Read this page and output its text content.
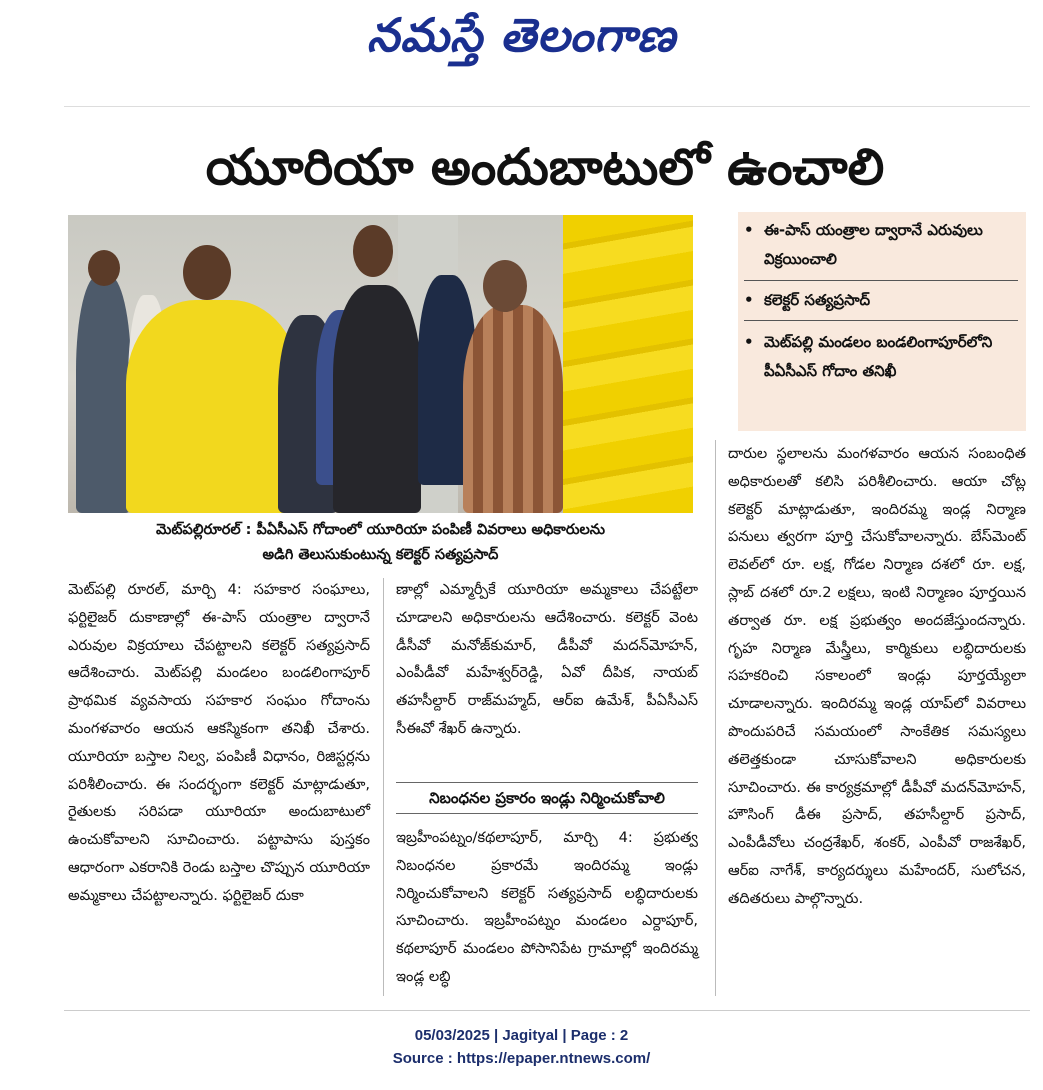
నమస్తే తెలంగాణ
యూరియా అందుబాటులో ఉంచాలి
మెట్‌పల్లిరూరల్ : పీఏసీఎస్ గోదాంలో యూరియా పంపిణీ వివరాలు అధికారులను
అడిగి తెలుసుకుంటున్న కలెక్టర్ సత్యప్రసాద్
• ఈ-పాస్ యంత్రాల ద్వారానే ఎరువులు విక్రయించాలి
• కలెక్టర్ సత్యప్రసాద్
• మెట్‌పల్లి మండలం బండలింగాపూర్‌లోని పీఏసీఎస్ గోదాం తనిఖీ

మెట్‌పల్లి రూరల్, మార్చి 4: సహకార సంఘాలు, ఫర్టిలైజర్ దుకాణాల్లో ఈ-పాస్ యంత్రాల ద్వారానే ఎరువుల విక్రయాలు చేపట్టాలని కలెక్టర్ సత్యప్రసాద్ ఆదేశించారు. మెట్‌పల్లి మండలం బండలింగాపూర్ ప్రాథమిక వ్యవసాయ సహకార సంఘం గోదాంను మంగళవారం ఆయన ఆకస్మికంగా తనిఖీ చేశారు. యూరియా బస్తాల నిల్వ, పంపిణీ విధానం, రిజిస్టర్లను పరిశీలించారు. ఈ సందర్భంగా కలెక్టర్ మాట్లాడుతూ, రైతులకు సరిపడా యూరియా అందుబాటులో ఉంచుకోవాలని సూచించారు. పట్టాపాసు పుస్తకం ఆధారంగా ఎకరానికి రెండు బస్తాల చొప్పున యూరియా అమ్మకాలు చేపట్టాలన్నారు. ఫర్టిలైజర్ దుకా

ణాల్లో ఎమ్మార్పీకే యూరియా అమ్మకాలు చేపట్టేలా చూడాలని అధికారులను ఆదేశించారు. కలెక్టర్ వెంట డీసీవో మనోజ్‌కుమార్, డీపీవో మదన్‌మోహన్, ఎంపీడీవో మహేశ్వర్‌రెడ్డి, ఏవో దీపిక, నాయబ్ తహసీల్దార్ రాజ్‌మహ్మద్, ఆర్ఐ ఉమేశ్, పీఏసీఎస్ సీఈవో శేఖర్ ఉన్నారు.

నిబంధనల ప్రకారం ఇండ్లు నిర్మించుకోవాలి

ఇబ్రహీంపట్నం/కథలాపూర్, మార్చి 4: ప్రభుత్వ నిబంధనల ప్రకారమే ఇందిరమ్మ ఇండ్లు నిర్మించుకోవాలని కలెక్టర్ సత్యప్రసాద్ లబ్ధిదారులకు సూచించారు. ఇబ్రహీంపట్నం మండలం ఎర్దాపూర్, కథలాపూర్ మండలం పోసానిపేట గ్రామాల్లో ఇందిరమ్మ ఇండ్ల లబ్ధి

దారుల స్థలాలను మంగళవారం ఆయన సంబంధిత అధికారులతో కలిసి పరిశీలించారు. ఆయా చోట్ల కలెక్టర్ మాట్లాడుతూ, ఇందిరమ్మ ఇండ్ల నిర్మాణ పనులు త్వరగా పూర్తి చేసుకోవాలన్నారు. బేస్‌మెంట్ లెవల్‌లో రూ. లక్ష, గోడల నిర్మాణ దశలో రూ. లక్ష, స్లాబ్ దశలో రూ.2 లక్షలు, ఇంటి నిర్మాణం పూర్తయిన తర్వాత రూ. లక్ష ప్రభుత్వం అందజేస్తుందన్నారు. గృహ నిర్మాణ మేస్త్రీలు, కార్మికులు లబ్ధిదారులకు సహకరించి సకాలంలో ఇండ్లు పూర్తయ్యేలా చూడాలన్నారు. ఇందిరమ్మ ఇండ్ల యాప్‌లో వివరాలు పొందుపరిచే సమయంలో సాంకేతిక సమస్యలు తలెత్తకుండా చూసుకోవాలని అధికారులకు సూచించారు. ఈ కార్యక్రమాల్లో డీపీవో మదన్‌మోహన్, హౌసింగ్ డీఈ ప్రసాద్, తహసీల్దార్ ప్రసాద్, ఎంపీడీవోలు చంద్రశేఖర్, శంకర్, ఎంపీవో రాజశేఖర్, ఆర్ఐ నాగేశ్, కార్యదర్శులు మహేందర్, సులోచన, తదితరులు పాల్గొన్నారు.

05/03/2025 | Jagityal | Page : 2
Source : https://epaper.ntnews.com/
